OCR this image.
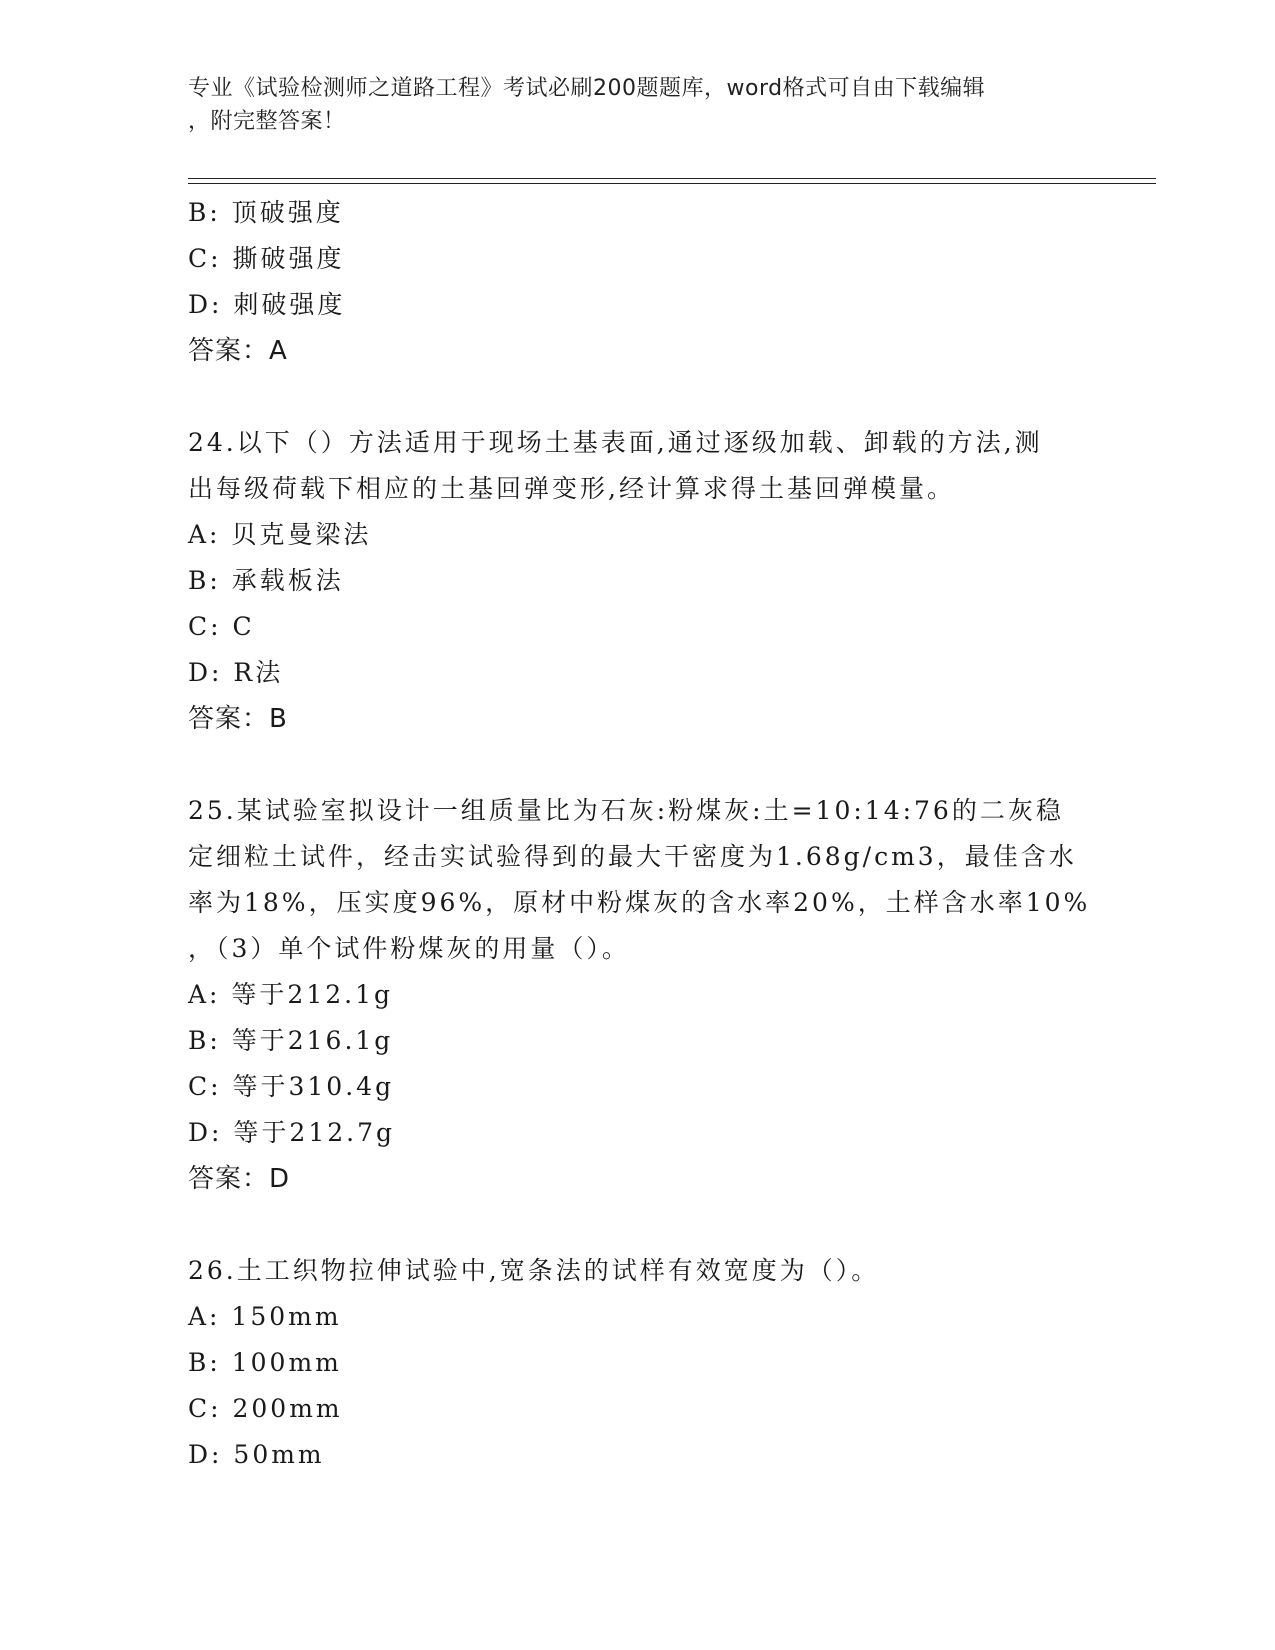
专业《试验检测师之道路工程》考试必刷200题题库，word格式可自由下载编辑
，附完整答案！
B: 顶破强度
C: 撕破强度
D: 刺破强度
答案：A
24.以下（）方法适用于现场土基表面,通过逐级加载、卸载的方法,测
出每级荷载下相应的土基回弹变形,经计算求得土基回弹模量。
A: 贝克曼梁法
B: 承载板法
C: C
D: R法
答案：B
25.某试验室拟设计一组质量比为石灰:粉煤灰:土=10:14:76的二灰稳
定细粒土试件，经击实试验得到的最大干密度为1.68g/cm3，最佳含水
率为18%，压实度96%，原材中粉煤灰的含水率20%，土样含水率10%
，（3）单个试件粉煤灰的用量（）。
A: 等于212.1g
B: 等于216.1g
C: 等于310.4g
D: 等于212.7g
答案：D
26.土工织物拉伸试验中,宽条法的试样有效宽度为（）。
A: 150mm
B: 100mm
C: 200mm
D: 50mm
